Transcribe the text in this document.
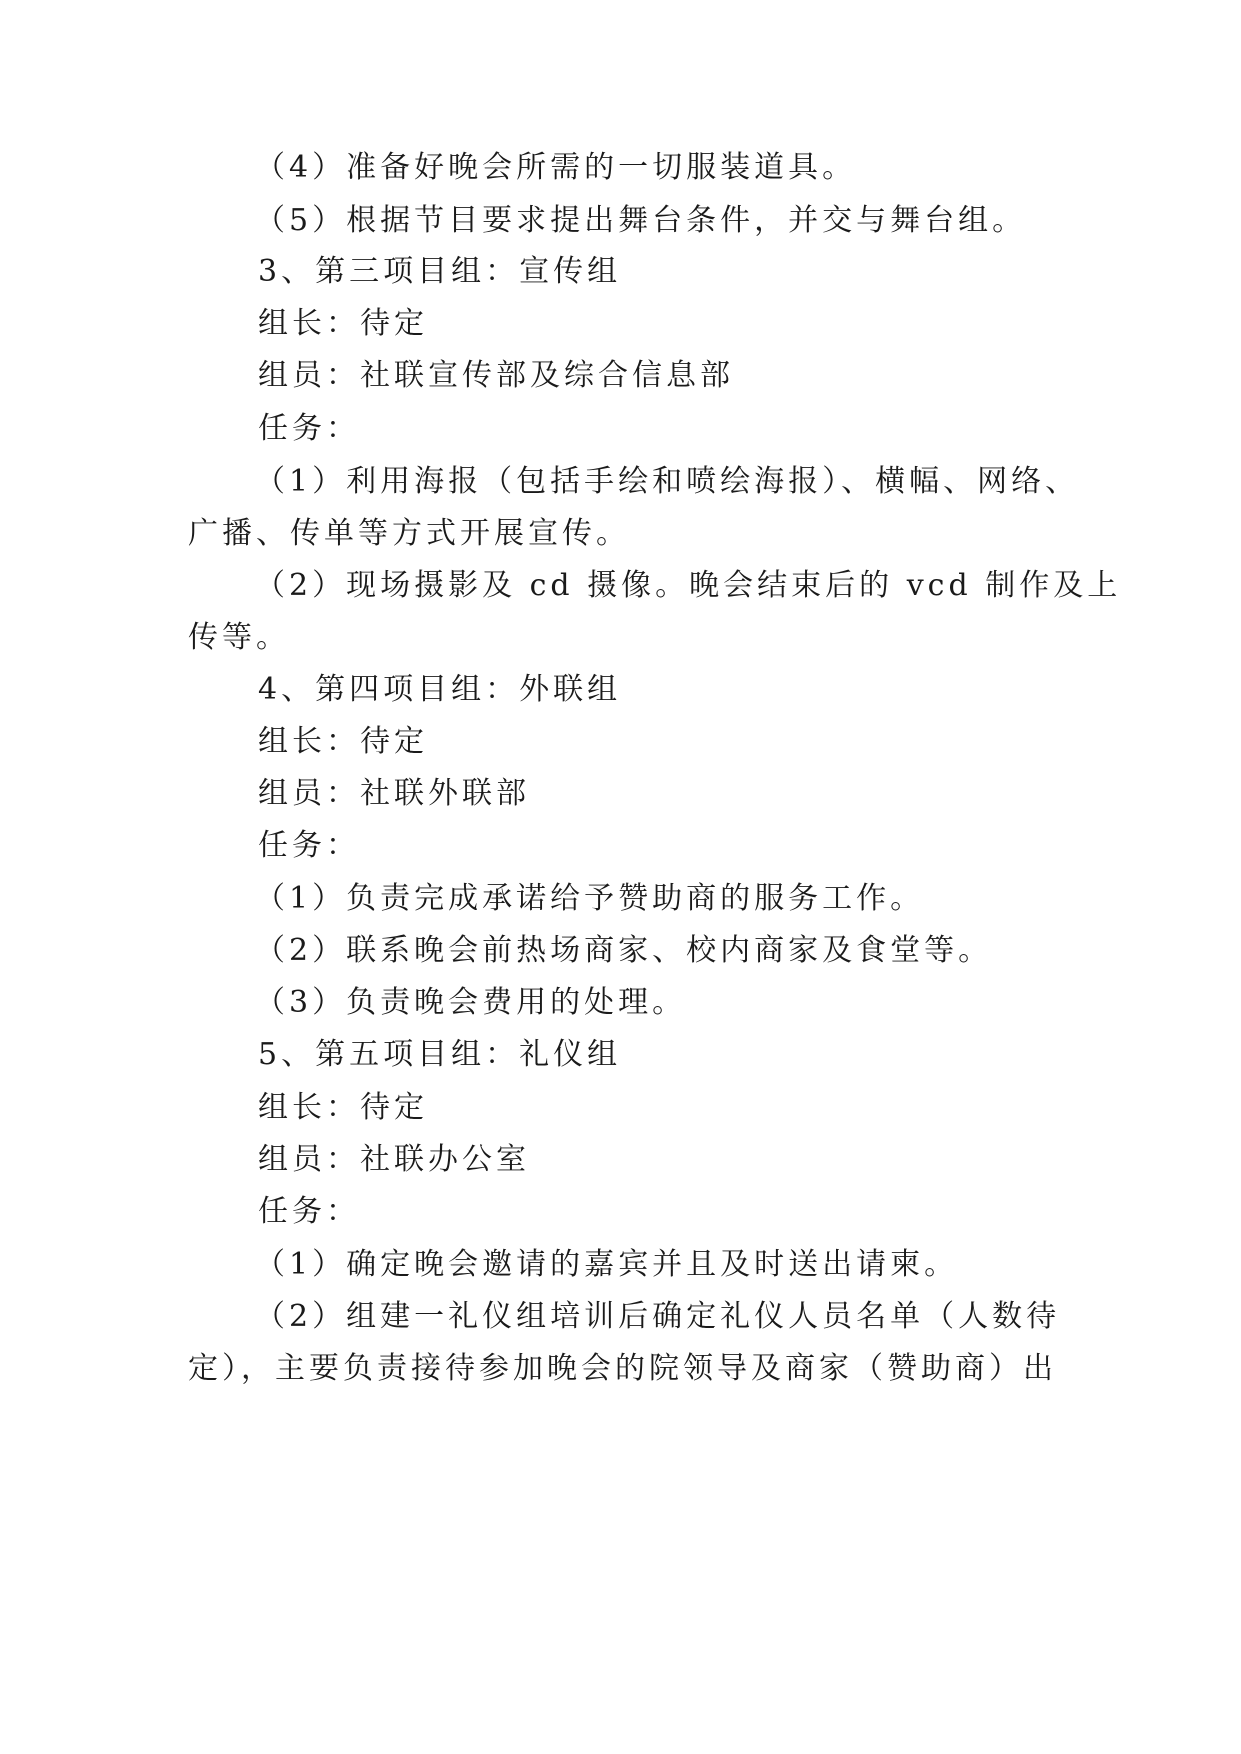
（4）准备好晚会所需的一切服装道具。
（5）根据节目要求提出舞台条件，并交与舞台组。
3、第三项目组：宣传组
组长：待定
组员：社联宣传部及综合信息部
任务：
（1）利用海报（包括手绘和喷绘海报）、横幅、网络、
广播、传单等方式开展宣传。
（2）现场摄影及 cd 摄像。晚会结束后的 vcd 制作及上
传等。
4、第四项目组：外联组
组长：待定
组员：社联外联部
任务：
（1）负责完成承诺给予赞助商的服务工作。
（2）联系晚会前热场商家、校内商家及食堂等。
（3）负责晚会费用的处理。
5、第五项目组：礼仪组
组长：待定
组员：社联办公室
任务：
（1）确定晚会邀请的嘉宾并且及时送出请柬。
（2）组建一礼仪组培训后确定礼仪人员名单（人数待
定），主要负责接待参加晚会的院领导及商家（赞助商）出
